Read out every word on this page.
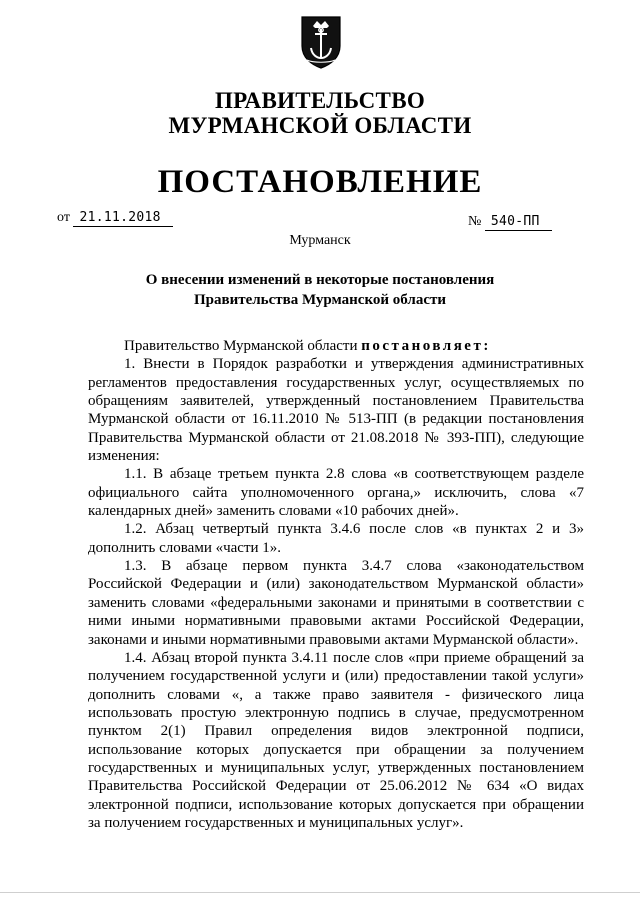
ПРАВИТЕЛЬСТВО
МУРМАНСКОЙ ОБЛАСТИ
ПОСТАНОВЛЕНИЕ
от 21.11.2018	№ 540-ПП
Мурманск
О внесении изменений в некоторые постановления
Правительства Мурманской области

Правительство Мурманской области постановляет:

1. Внести в Порядок разработки и утверждения административных регламентов предоставления государственных услуг, осуществляемых по обращениям заявителей, утвержденный постановлением Правительства Мурманской области от 16.11.2010 № 513-ПП (в редакции постановления Правительства Мурманской области от 21.08.2018 № 393-ПП), следующие изменения:

1.1. В абзаце третьем пункта 2.8 слова «в соответствующем разделе официального сайта уполномоченного органа,» исключить, слова «7 календарных дней» заменить словами «10 рабочих дней».

1.2. Абзац четвертый пункта 3.4.6 после слов «в пунктах 2 и 3» дополнить словами «части 1».

1.3. В абзаце первом пункта 3.4.7 слова «законодательством Российской Федерации и (или) законодательством Мурманской области» заменить словами «федеральными законами и принятыми в соответствии с ними иными нормативными правовыми актами Российской Федерации, законами и иными нормативными правовыми актами Мурманской области».

1.4. Абзац второй пункта 3.4.11 после слов «при приеме обращений за получением государственной услуги и (или) предоставлении такой услуги» дополнить словами «, а также право заявителя - физического лица использовать простую электронную подпись в случае, предусмотренном пунктом 2(1) Правил определения видов электронной подписи, использование которых допускается при обращении за получением государственных и муниципальных услуг, утвержденных постановлением Правительства Российской Федерации от 25.06.2012 № 634 «О видах электронной подписи, использование которых допускается при обращении за получением государственных и муниципальных услуг».
